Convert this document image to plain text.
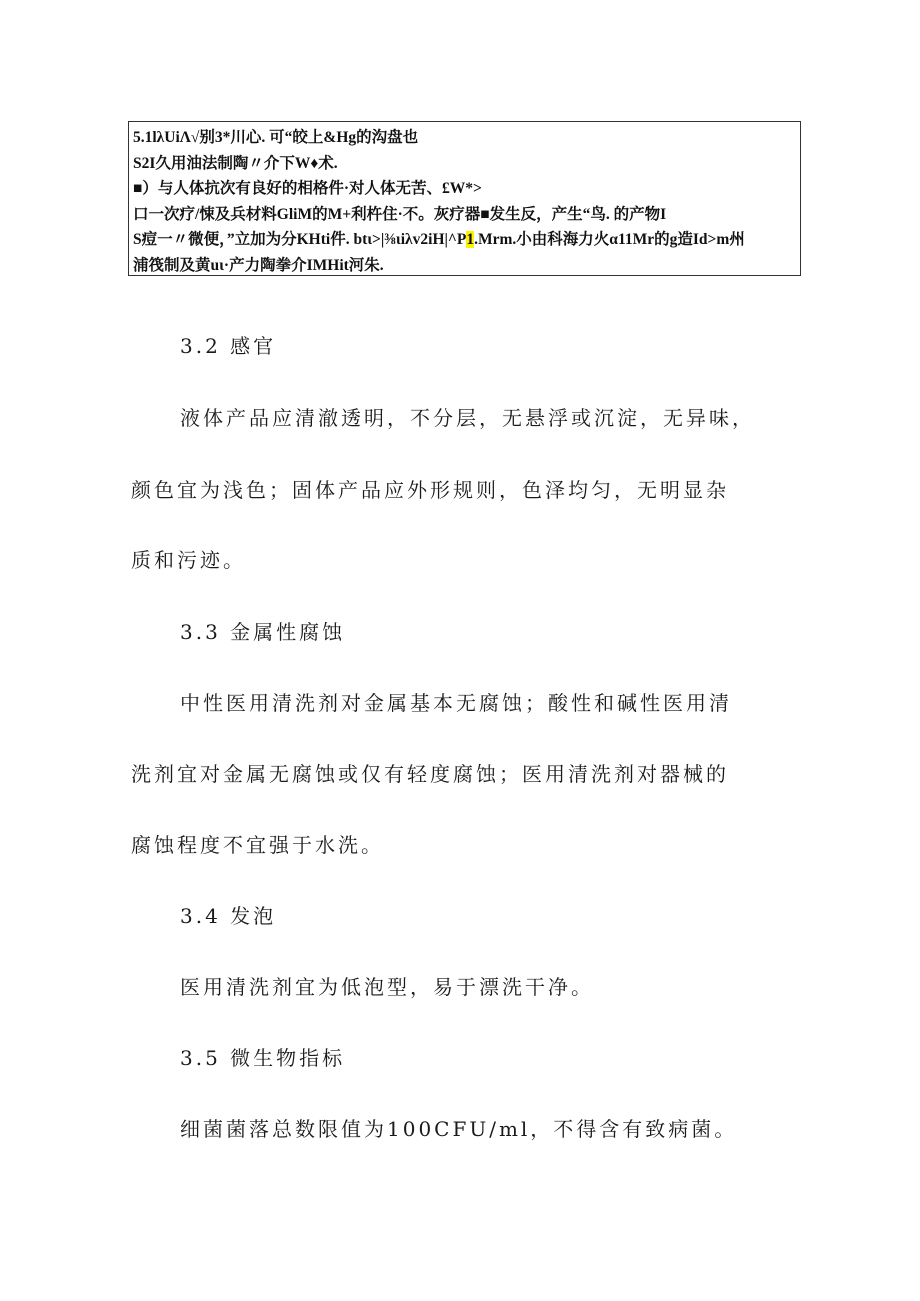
5.1lλUiΛ√别3*川心. 可“皎上&Hg的沟盘也
S2I久用油法制陶〃介下W♦术.
■）与人体抗次有良好的相格件·对人体无苦、£W*>
口一次疗/悚及兵材料GliM的M+利杵住·不。灰疗器■发生反，产生“鸟. 的产物I
S痘一〃微便，”立加为分KHti件. btι>|⅜ιiλv2iH|^P1.Mrm.小由科海力火α11Mr的g造Id>m州
浦筏制及黄uι·产力陶拳介IMHit河朱.
3.2 感官
液体产品应清澈透明，不分层，无悬浮或沉淀，无异味，
颜色宜为浅色；固体产品应外形规则，色泽均匀，无明显杂
质和污迹。
3.3 金属性腐蚀
中性医用清洗剂对金属基本无腐蚀；酸性和碱性医用清
洗剂宜对金属无腐蚀或仅有轻度腐蚀；医用清洗剂对器械的
腐蚀程度不宜强于水洗。
3.4 发泡
医用清洗剂宜为低泡型，易于漂洗干净。
3.5 微生物指标
细菌菌落总数限值为100CFU/ml，不得含有致病菌。
